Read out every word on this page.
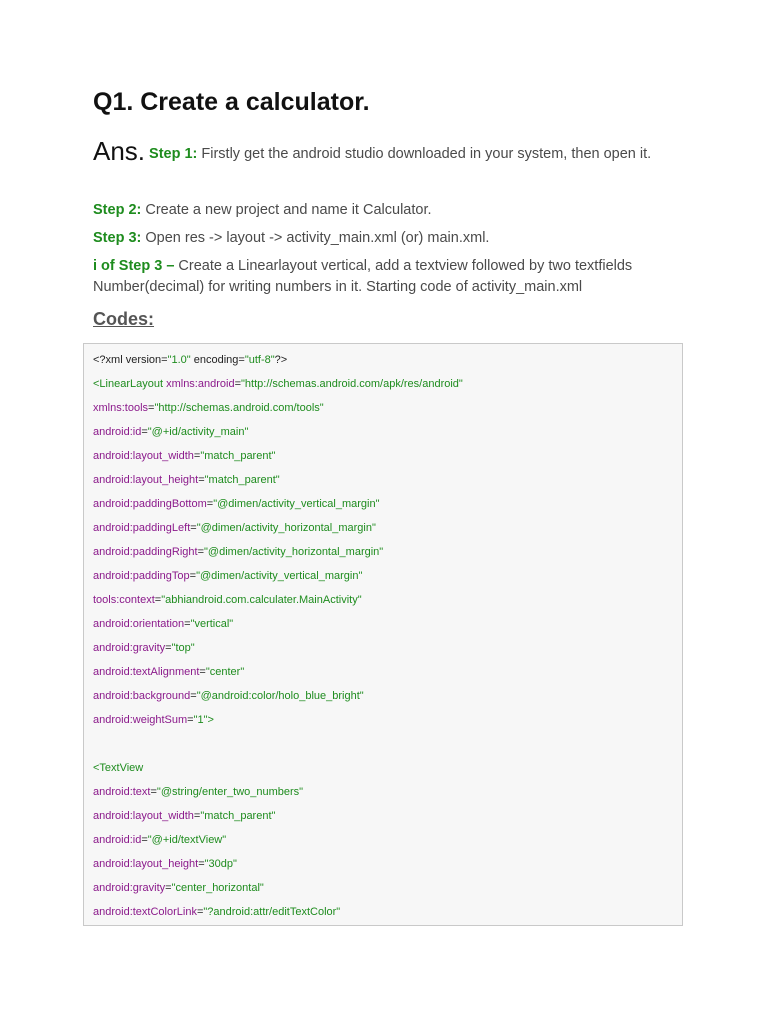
Q1. Create a calculator.

Ans. Step 1: Firstly get the android studio downloaded in your system, then open it.

Step 2: Create a new project and name it Calculator.

Step 3: Open res -> layout -> activity_main.xml (or) main.xml.

i of Step 3 – Create a Linearlayout vertical, add a textview followed by two textfields Number(decimal) for writing numbers in it. Starting code of activity_main.xml

Codes:
<?xml version="1.0" encoding="utf-8"?>
<LinearLayout xmlns:android="http://schemas.android.com/apk/res/android"
xmlns:tools="http://schemas.android.com/tools"
android:id="@+id/activity_main"
android:layout_width="match_parent"
android:layout_height="match_parent"
android:paddingBottom="@dimen/activity_vertical_margin"
android:paddingLeft="@dimen/activity_horizontal_margin"
android:paddingRight="@dimen/activity_horizontal_margin"
android:paddingTop="@dimen/activity_vertical_margin"
tools:context="abhiandroid.com.calculater.MainActivity"
android:orientation="vertical"
android:gravity="top"
android:textAlignment="center"
android:background="@android:color/holo_blue_bright"
android:weightSum="1">
<TextView
android:text="@string/enter_two_numbers"
android:layout_width="match_parent"
android:id="@+id/textView"
android:layout_height="30dp"
android:gravity="center_horizontal"
android:textColorLink="?android:attr/editTextColor"
